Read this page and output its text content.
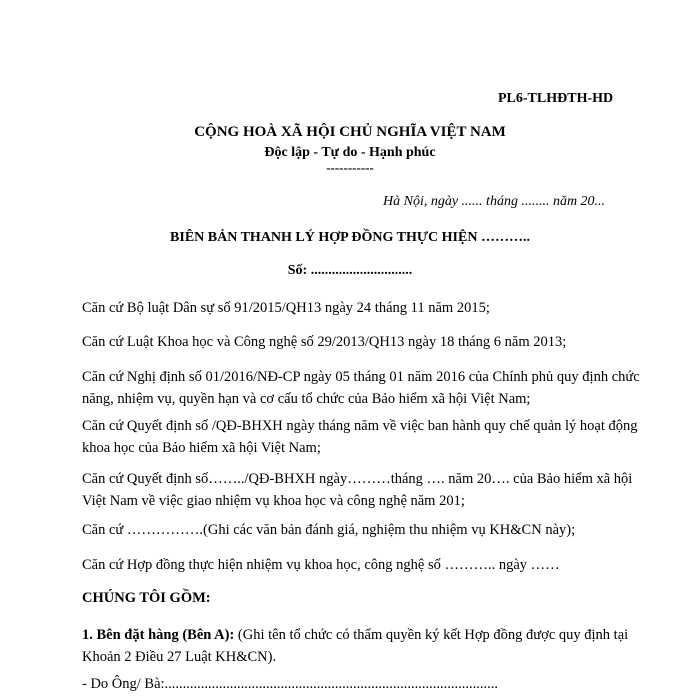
PL6-TLHĐTH-HD
CỘNG HOÀ XÃ HỘI CHỦ NGHĨA VIỆT NAM
Độc lập - Tự do - Hạnh phúc
-----------
Hà Nội, ngày ...... tháng ........ năm 20...
BIÊN BẢN THANH LÝ HỢP ĐỒNG THỰC HIỆN ………..
Số: .............................
Căn cứ Bộ luật Dân sự số 91/2015/QH13 ngày 24 tháng 11 năm 2015;
Căn cứ Luật Khoa học và Công nghệ số 29/2013/QH13 ngày 18 tháng 6 năm 2013;
Căn cứ Nghị định số 01/2016/NĐ-CP ngày 05 tháng 01 năm 2016 của Chính phủ quy định chức năng, nhiệm vụ, quyền hạn và cơ cấu tổ chức của Bảo hiểm xã hội Việt Nam;
Căn cứ Quyết định số /QĐ-BHXH ngày tháng năm về việc ban hành quy chế quản lý hoạt động khoa học của Bảo hiểm xã hội Việt Nam;
Căn cứ Quyết định số……../QĐ-BHXH ngày………tháng …. năm 20…. của Bảo hiểm xã hội Việt Nam về việc giao nhiệm vụ khoa học và công nghệ năm 201;
Căn cứ …………….(Ghi các văn bản đánh giá, nghiệm thu nhiệm vụ KH&CN này);
Căn cứ Hợp đồng thực hiện nhiệm vụ khoa học, công nghệ số ……….. ngày ……
CHÚNG TÔI GỒM:
1. Bên đặt hàng (Bên A): (Ghi tên tổ chức có thẩm quyền ký kết Hợp đồng được quy định tại Khoản 2 Điều 27 Luật KH&CN).
- Do Ông/ Bà:............................................................................................
